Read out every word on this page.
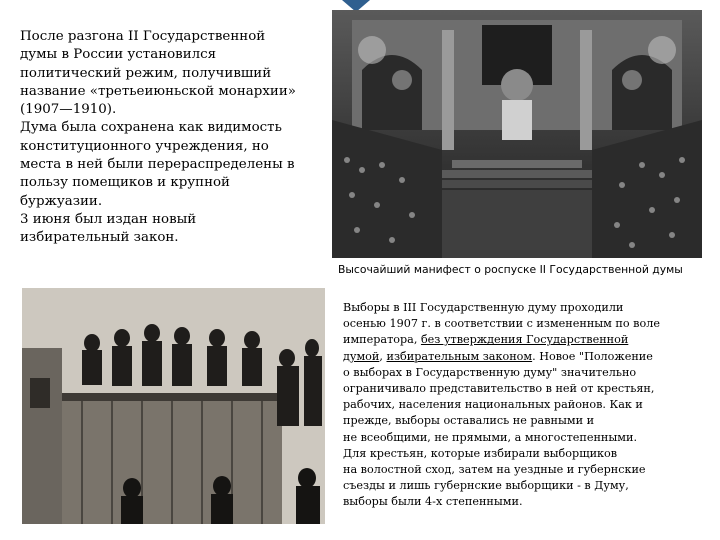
После разгона II Государственной

думы в России установился

политический режим, получивший

название «третьеиюньской монархии»

(1907—1910).

Дума была сохранена как видимость

конституционного учреждения, но

места в ней были перераспределены в

пользу помещиков и крупной

буржуазии.

3 июня был издан новый

избирательный закон.

Высочайший манифест о роспуске II Государственной думы

Выборы в III Государственную думу проходили

осенью 1907 г. в соответствии с измененным по воле

императора, без утверждения Государственной

думой, избирательным законом. Новое "Положение

о выборах в Государственную думу" значительно

ограничивало представительство в ней от крестьян,

рабочих, населения национальных районов. Как и

прежде, выборы оставались не равными и

не всеобщими, не прямыми, а многостепенными.

Для крестьян, которые избирали выборщиков

на волостной сход, затем на уездные и губернские

съезды и лишь губернские выборщики - в Думу,

выборы были 4-х степенными.
